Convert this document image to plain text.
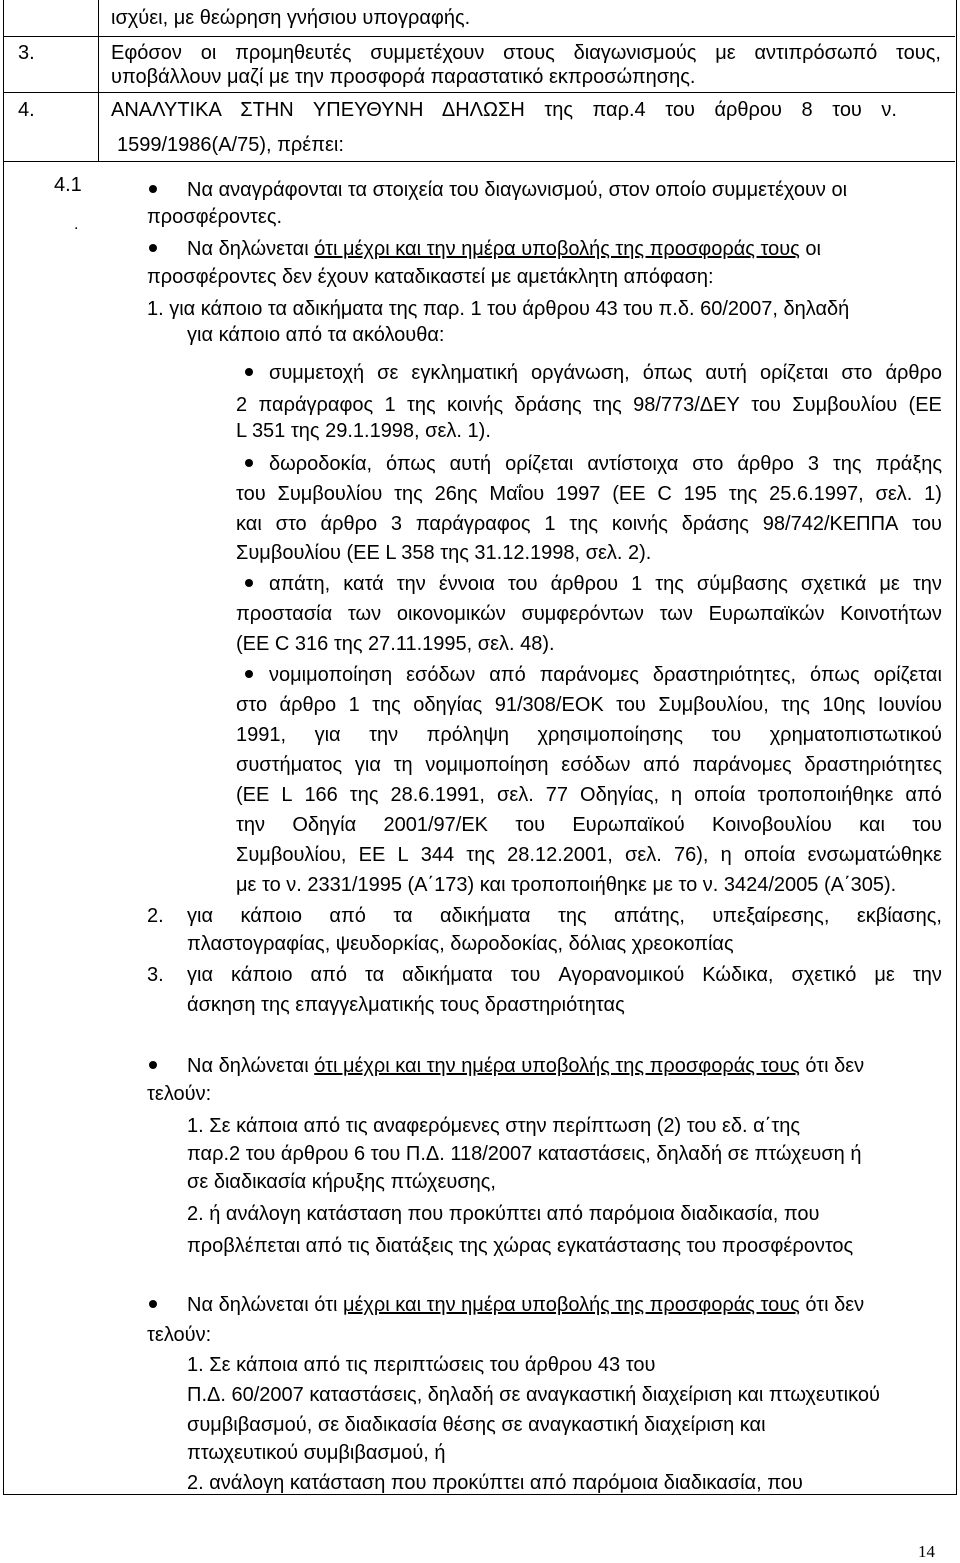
ισχύει, με θεώρηση γνήσιου υπογραφής.
3.	Εφόσον οι προμηθευτές συμμετέχουν στους διαγωνισμούς με αντιπρόσωπό τους,
υποβάλλουν μαζί με την προσφορά παραστατικό εκπροσώπησης.
4.	ΑΝΑΛΥΤΙΚΑ ΣΤΗΝ ΥΠΕΥΘΥΝΗ ΔΗΛΩΣΗ της παρ.4 του άρθρου 8 του ν.
1599/1986(Α/75), πρέπει:
4.1
.
Να αναγράφονται τα στοιχεία του διαγωνισμού, στον οποίο συμμετέχουν οι
προσφέροντες.
Να δηλώνεται ότι μέχρι και την ημέρα υποβολής της προσφοράς τους οι
προσφέροντες δεν έχουν καταδικαστεί με αμετάκλητη απόφαση:
1. για κάποιο τα αδικήματα της παρ. 1 του άρθρου 43 του π.δ. 60/2007, δηλαδή
για κάποιο από τα ακόλουθα:
συμμετοχή σε εγκληματική οργάνωση, όπως αυτή ορίζεται στο άρθρο
2 παράγραφος 1 της κοινής δράσης της 98/773/ΔΕΥ του Συμβουλίου (ΕΕ
L 351 της 29.1.1998, σελ. 1).
δωροδοκία, όπως αυτή ορίζεται αντίστοιχα στο άρθρο 3 της πράξης
του Συμβουλίου της 26ης Μαΐου 1997 (ΕΕ C 195 της 25.6.1997, σελ. 1)
και στο άρθρο 3 παράγραφος 1 της κοινής δράσης 98/742/ΚΕΠΠΑ του
Συμβουλίου (ΕΕ L 358 της 31.12.1998, σελ. 2).
απάτη, κατά την έννοια του άρθρου 1 της σύμβασης σχετικά με την
προστασία των οικονομικών συμφερόντων των Ευρωπαϊκών Κοινοτήτων
(ΕΕ C 316 της 27.11.1995, σελ. 48).
νομιμοποίηση εσόδων από παράνομες δραστηριότητες, όπως ορίζεται
στο άρθρο 1 της οδηγίας 91/308/ΕΟΚ του Συμβουλίου, της 10ης Ιουνίου
1991, για την πρόληψη χρησιμοποίησης του χρηματοπιστωτικού
συστήματος για τη νομιμοποίηση εσόδων από παράνομες δραστηριότητες
(ΕΕ L 166 της 28.6.1991, σελ. 77 Οδηγίας, η οποία τροποποιήθηκε από
την Οδηγία 2001/97/ΕΚ του Ευρωπαϊκού Κοινοβουλίου και του
Συμβουλίου, ΕΕ L 344 της 28.12.2001, σελ. 76), η οποία ενσωματώθηκε
με το ν. 2331/1995 (Α΄173) και τροποποιήθηκε με το ν. 3424/2005 (Α΄305).
2. για κάποιο από τα αδικήματα της απάτης, υπεξαίρεσης, εκβίασης,
πλαστογραφίας, ψευδορκίας, δωροδοκίας, δόλιας χρεοκοπίας
3. για κάποιο από τα αδικήματα του Αγορανομικού Κώδικα, σχετικό με την
άσκηση της επαγγελματικής τους δραστηριότητας
Να δηλώνεται ότι μέχρι και την ημέρα υποβολής της προσφοράς τους ότι δεν
τελούν:
1. Σε κάποια από τις αναφερόμενες στην περίπτωση (2) του εδ. α΄της
παρ.2 του άρθρου 6 του Π.Δ. 118/2007 καταστάσεις, δηλαδή σε πτώχευση ή
σε διαδικασία κήρυξης πτώχευσης,
2. ή ανάλογη κατάσταση που προκύπτει από παρόμοια διαδικασία, που
προβλέπεται από τις διατάξεις της χώρας εγκατάστασης του προσφέροντος
Να δηλώνεται ότι μέχρι και την ημέρα υποβολής της προσφοράς τους ότι δεν
τελούν:
1. Σε κάποια από τις περιπτώσεις του άρθρου 43 του
Π.Δ. 60/2007 καταστάσεις, δηλαδή σε αναγκαστική διαχείριση και πτωχευτικού
συμβιβασμού, σε διαδικασία θέσης σε αναγκαστική διαχείριση και
πτωχευτικού συμβιβασμού, ή
2. ανάλογη κατάσταση που προκύπτει από παρόμοια διαδικασία, που
14
